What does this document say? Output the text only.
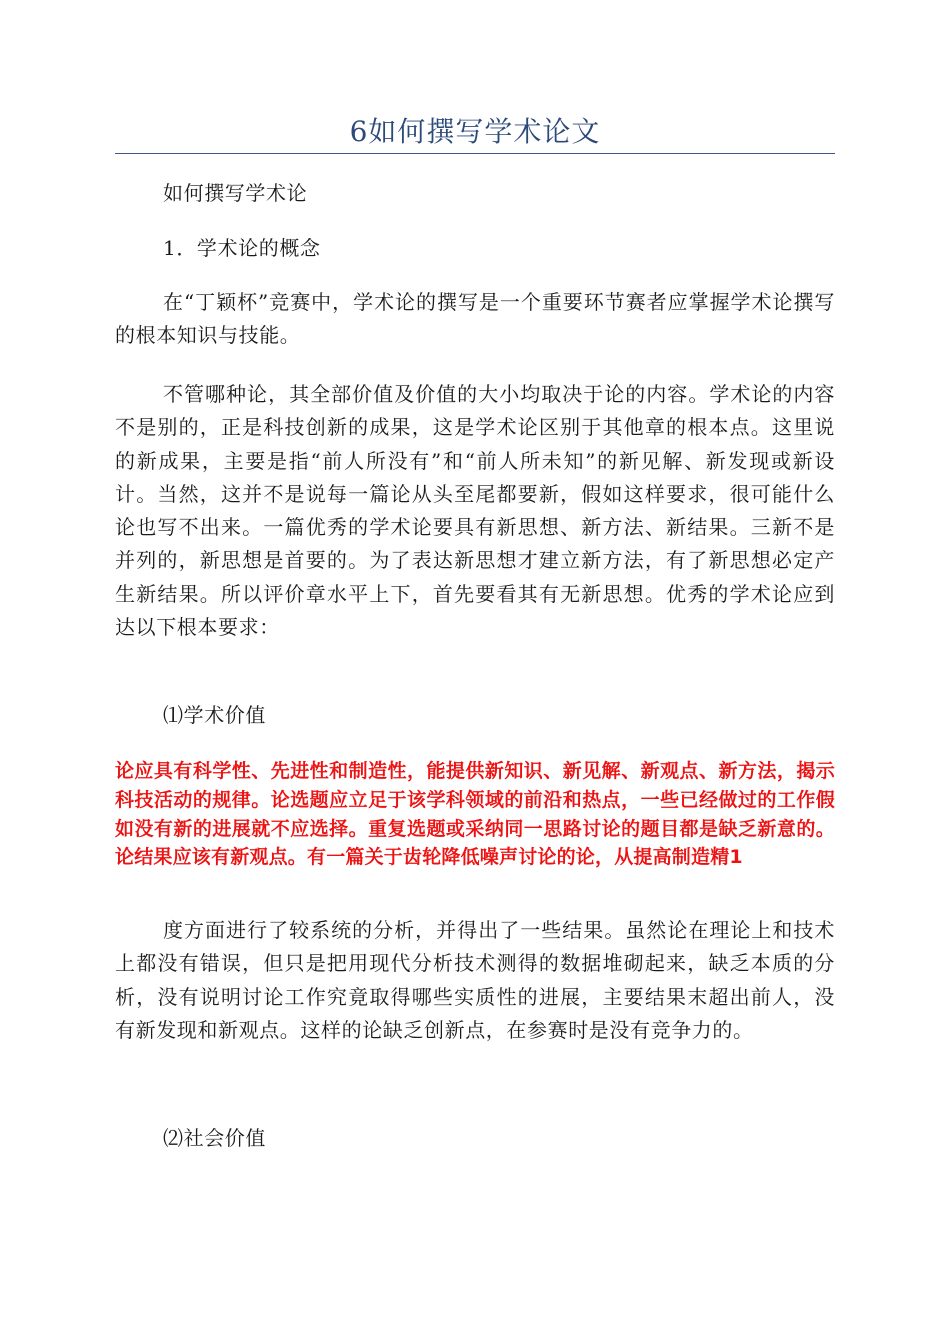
6如何撰写学术论文

如何撰写学术论

1．学术论的概念

在“丁颖杯”竞赛中，学术论的撰写是一个重要环节赛者应掌握学术论撰写的根本知识与技能。

不管哪种论，其全部价值及价值的大小均取决于论的内容。学术论的内容不是别的，正是科技创新的成果，这是学术论区别于其他章的根本点。这里说的新成果，主要是指“前人所没有”和“前人所未知”的新见解、新发现或新设计。当然，这并不是说每一篇论从头至尾都要新，假如这样要求，很可能什么论也写不出来。一篇优秀的学术论要具有新思想、新方法、新结果。三新不是并列的，新思想是首要的。为了表达新思想才建立新方法，有了新思想必定产生新结果。所以评价章水平上下，首先要看其有无新思想。优秀的学术论应到达以下根本要求：

⑴学术价值

论应具有科学性、先进性和制造性，能提供新知识、新见解、新观点、新方法，揭示科技活动的规律。论选题应立足于该学科领域的前沿和热点，一些已经做过的工作假如没有新的进展就不应选择。重复选题或采纳同一思路讨论的题目都是缺乏新意的。论结果应该有新观点。有一篇关于齿轮降低噪声讨论的论，从提高制造精1

度方面进行了较系统的分析，并得出了一些结果。虽然论在理论上和技术上都没有错误，但只是把用现代分析技术测得的数据堆砌起来，缺乏本质的分析，没有说明讨论工作究竟取得哪些实质性的进展，主要结果末超出前人，没有新发现和新观点。这样的论缺乏创新点，在参赛时是没有竞争力的。

⑵社会价值
